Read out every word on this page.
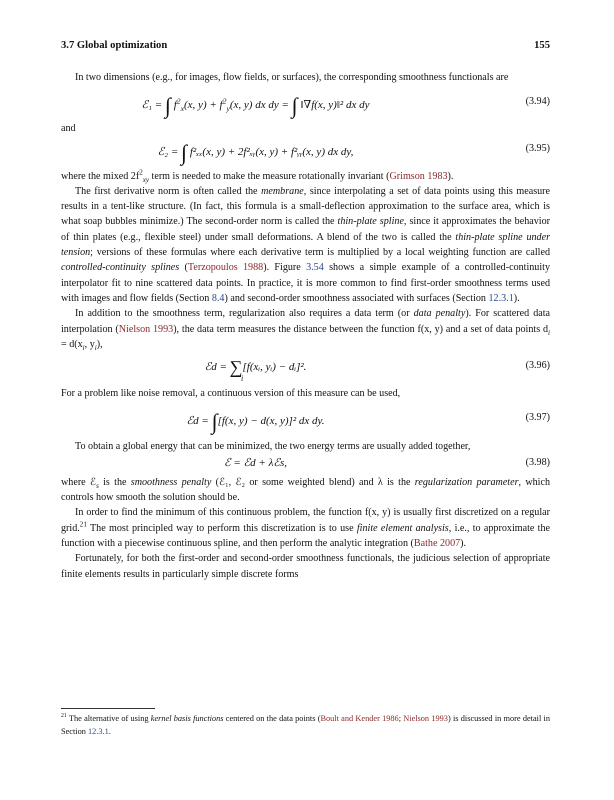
3.7 Global optimization	155

In two dimensions (e.g., for images, flow fields, or surfaces), the corresponding smoothness functionals are

ℰ₁ = ∫ $f^2_x(x$, $y) + f^2_y(x$, y) dx dy = ∫ ‖∇f(x, y)‖² dx dy	(3.94)

and

ℰ₂ = ∫ f²ₓₓ(x, y) + 2f²ₓᵧ(x, y) + f²ᵧᵧ(x, y) dx dy,	(3.95)

where the mixed $2f^2_{xy}$ term is needed to make the measure rotationally invariant (Grimson 1983).

The first derivative norm is often called the membrane, since interpolating a set of data points using this measure results in a tent-like structure. (In fact, this formula is a small-deflection approximation to the surface area, which is what soap bubbles minimize.) The second-order norm is called the thin-plate spline, since it approximates the behavior of thin plates (e.g., flexible steel) under small deformations. A blend of the two is called the thin-plate spline under tension; versions of these formulas where each derivative term is multiplied by a local weighting function are called controlled-continuity splines (Terzopoulos 1988). Figure 3.54 shows a simple example of a controlled-continuity interpolator fit to nine scattered data points. In practice, it is more common to find first-order smoothness terms used with images and flow fields (Section 8.4) and second-order smoothness associated with surfaces (Section 12.3.1).

In addition to the smoothness term, regularization also requires a data term (or data penalty). For scattered data interpolation (Nielson 1993), the data term measures the distance between the function f(x, y) and a set of data points $d_i = d(x_i$, $y_i$),

ℰd = ∑[f(xᵢ, yᵢ) − dᵢ]².
i
(3.96)

For a problem like noise removal, a continuous version of this measure can be used,

ℰd = ∫[f(x, y) − d(x, y)]² dx dy.	(3.97)

To obtain a global energy that can be minimized, the two energy terms are usually added together,

ℰ = ℰd + λℰs,	(3.98)

where ℰ$_s$ is the smoothness penalty (ℰ₁, ℰ₂ or some weighted blend) and λ is the regularization parameter, which controls how smooth the solution should be.

In order to find the minimum of this continuous problem, the function f(x, y) is usually first discretized on a regular grid.$^{21}$ The most principled way to perform this discretization is to use finite element analysis, i.e., to approximate the function with a piecewise continuous spline, and then perform the analytic integration (Bathe 2007).

Fortunately, for both the first-order and second-order smoothness functionals, the judicious selection of appropriate finite elements results in particularly simple discrete forms

$^{21}$ The alternative of using kernel basis functions centered on the data points (Boult and Kender 1986; Nielson 1993) is discussed in more detail in Section 12.3.1.
